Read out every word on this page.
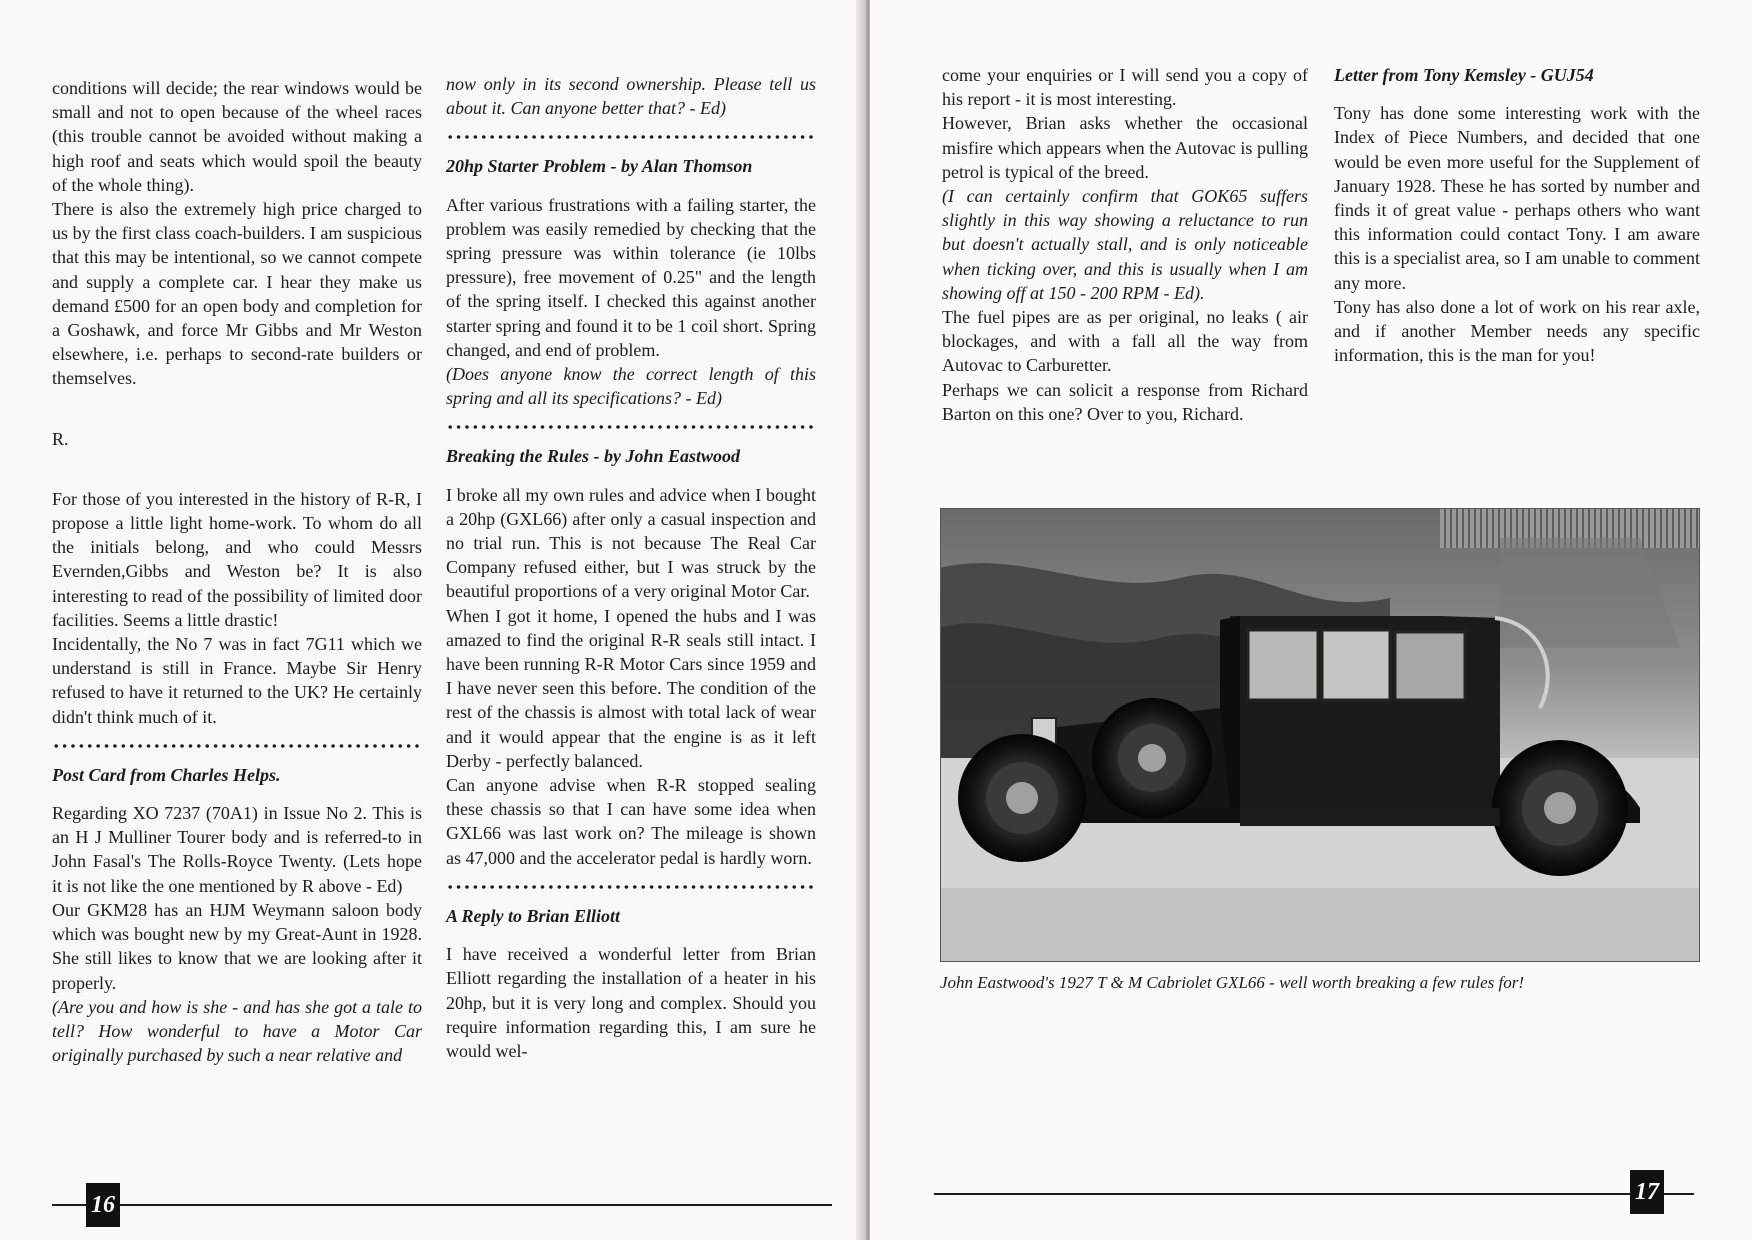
conditions will decide; the rear windows would be small and not to open because of the wheel races (this trouble cannot be avoided without making a high roof and seats which would spoil the beauty of the whole thing).

There is also the extremely high price charged to us by the first class coach-builders. I am suspicious that this may be intentional, so we cannot compete and supply a complete car. I hear they make us demand £500 for an open body and completion for a Goshawk, and force Mr Gibbs and Mr Weston elsewhere, i.e. perhaps to second-rate builders or themselves.

R.

For those of you interested in the history of R-R, I propose a little light home-work. To whom do all the initials belong, and who could Messrs Evernden,Gibbs and Weston be? It is also interesting to read of the possibility of limited door facilities. Seems a little drastic!

Incidentally, the No 7 was in fact 7G11 which we understand is still in France. Maybe Sir Henry refused to have it returned to the UK? He certainly didn't think much of it.

Post Card from Charles Helps.

Regarding XO 7237 (70A1) in Issue No 2. This is an H J Mulliner Tourer body and is referred-to in John Fasal's The Rolls-Royce Twenty. (Lets hope it is not like the one mentioned by R above - Ed)

Our GKM28 has an HJM Weymann saloon body which was bought new by my Great-Aunt in 1928. She still likes to know that we are looking after it properly.

(Are you and how is she - and has she got a tale to tell? How wonderful to have a Motor Car originally purchased by such a near relative and

now only in its second ownership. Please tell us about it. Can anyone better that? - Ed)

20hp Starter Problem - by Alan Thomson

After various frustrations with a failing starter, the problem was easily remedied by checking that the spring pressure was within tolerance (ie 10lbs pressure), free movement of 0.25" and the length of the spring itself. I checked this against another starter spring and found it to be 1 coil short. Spring changed, and end of problem.

(Does anyone know the correct length of this spring and all its specifications? - Ed)

Breaking the Rules - by John Eastwood

I broke all my own rules and advice when I bought a 20hp (GXL66) after only a casual inspection and no trial run. This is not because The Real Car Company refused either, but I was struck by the beautiful proportions of a very original Motor Car.

When I got it home, I opened the hubs and I was amazed to find the original R-R seals still intact. I have been running R-R Motor Cars since 1959 and I have never seen this before. The condition of the rest of the chassis is almost with total lack of wear and it would appear that the engine is as it left Derby - perfectly balanced.

Can anyone advise when R-R stopped sealing these chassis so that I can have some idea when GXL66 was last work on? The mileage is shown as 47,000 and the accelerator pedal is hardly worn.

A Reply to Brian Elliott

I have received a wonderful letter from Brian Elliott regarding the installation of a heater in his 20hp, but it is very long and complex. Should you require information regarding this, I am sure he would wel-

16

come your enquiries or I will send you a copy of his report - it is most interesting.

However, Brian asks whether the occasional misfire which appears when the Autovac is pulling petrol is typical of the breed.

(I can certainly confirm that GOK65 suffers slightly in this way showing a reluctance to run but doesn't actually stall, and is only noticeable when ticking over, and this is usually when I am showing off at 150 - 200 RPM - Ed).

The fuel pipes are as per original, no leaks ( air blockages, and with a fall all the way from Autovac to Carburetter.

Perhaps we can solicit a response from Richard Barton on this one? Over to you, Richard.

Letter from Tony Kemsley - GUJ54

Tony has done some interesting work with the Index of Piece Numbers, and decided that one would be even more useful for the Supplement of January 1928. These he has sorted by number and finds it of great value - perhaps others who want this information could contact Tony. I am aware this is a specialist area, so I am unable to comment any more.

Tony has also done a lot of work on his rear axle, and if another Member needs any specific information, this is the man for you!

John Eastwood's 1927 T & M Cabriolet GXL66 - well worth breaking a few rules for!
17
